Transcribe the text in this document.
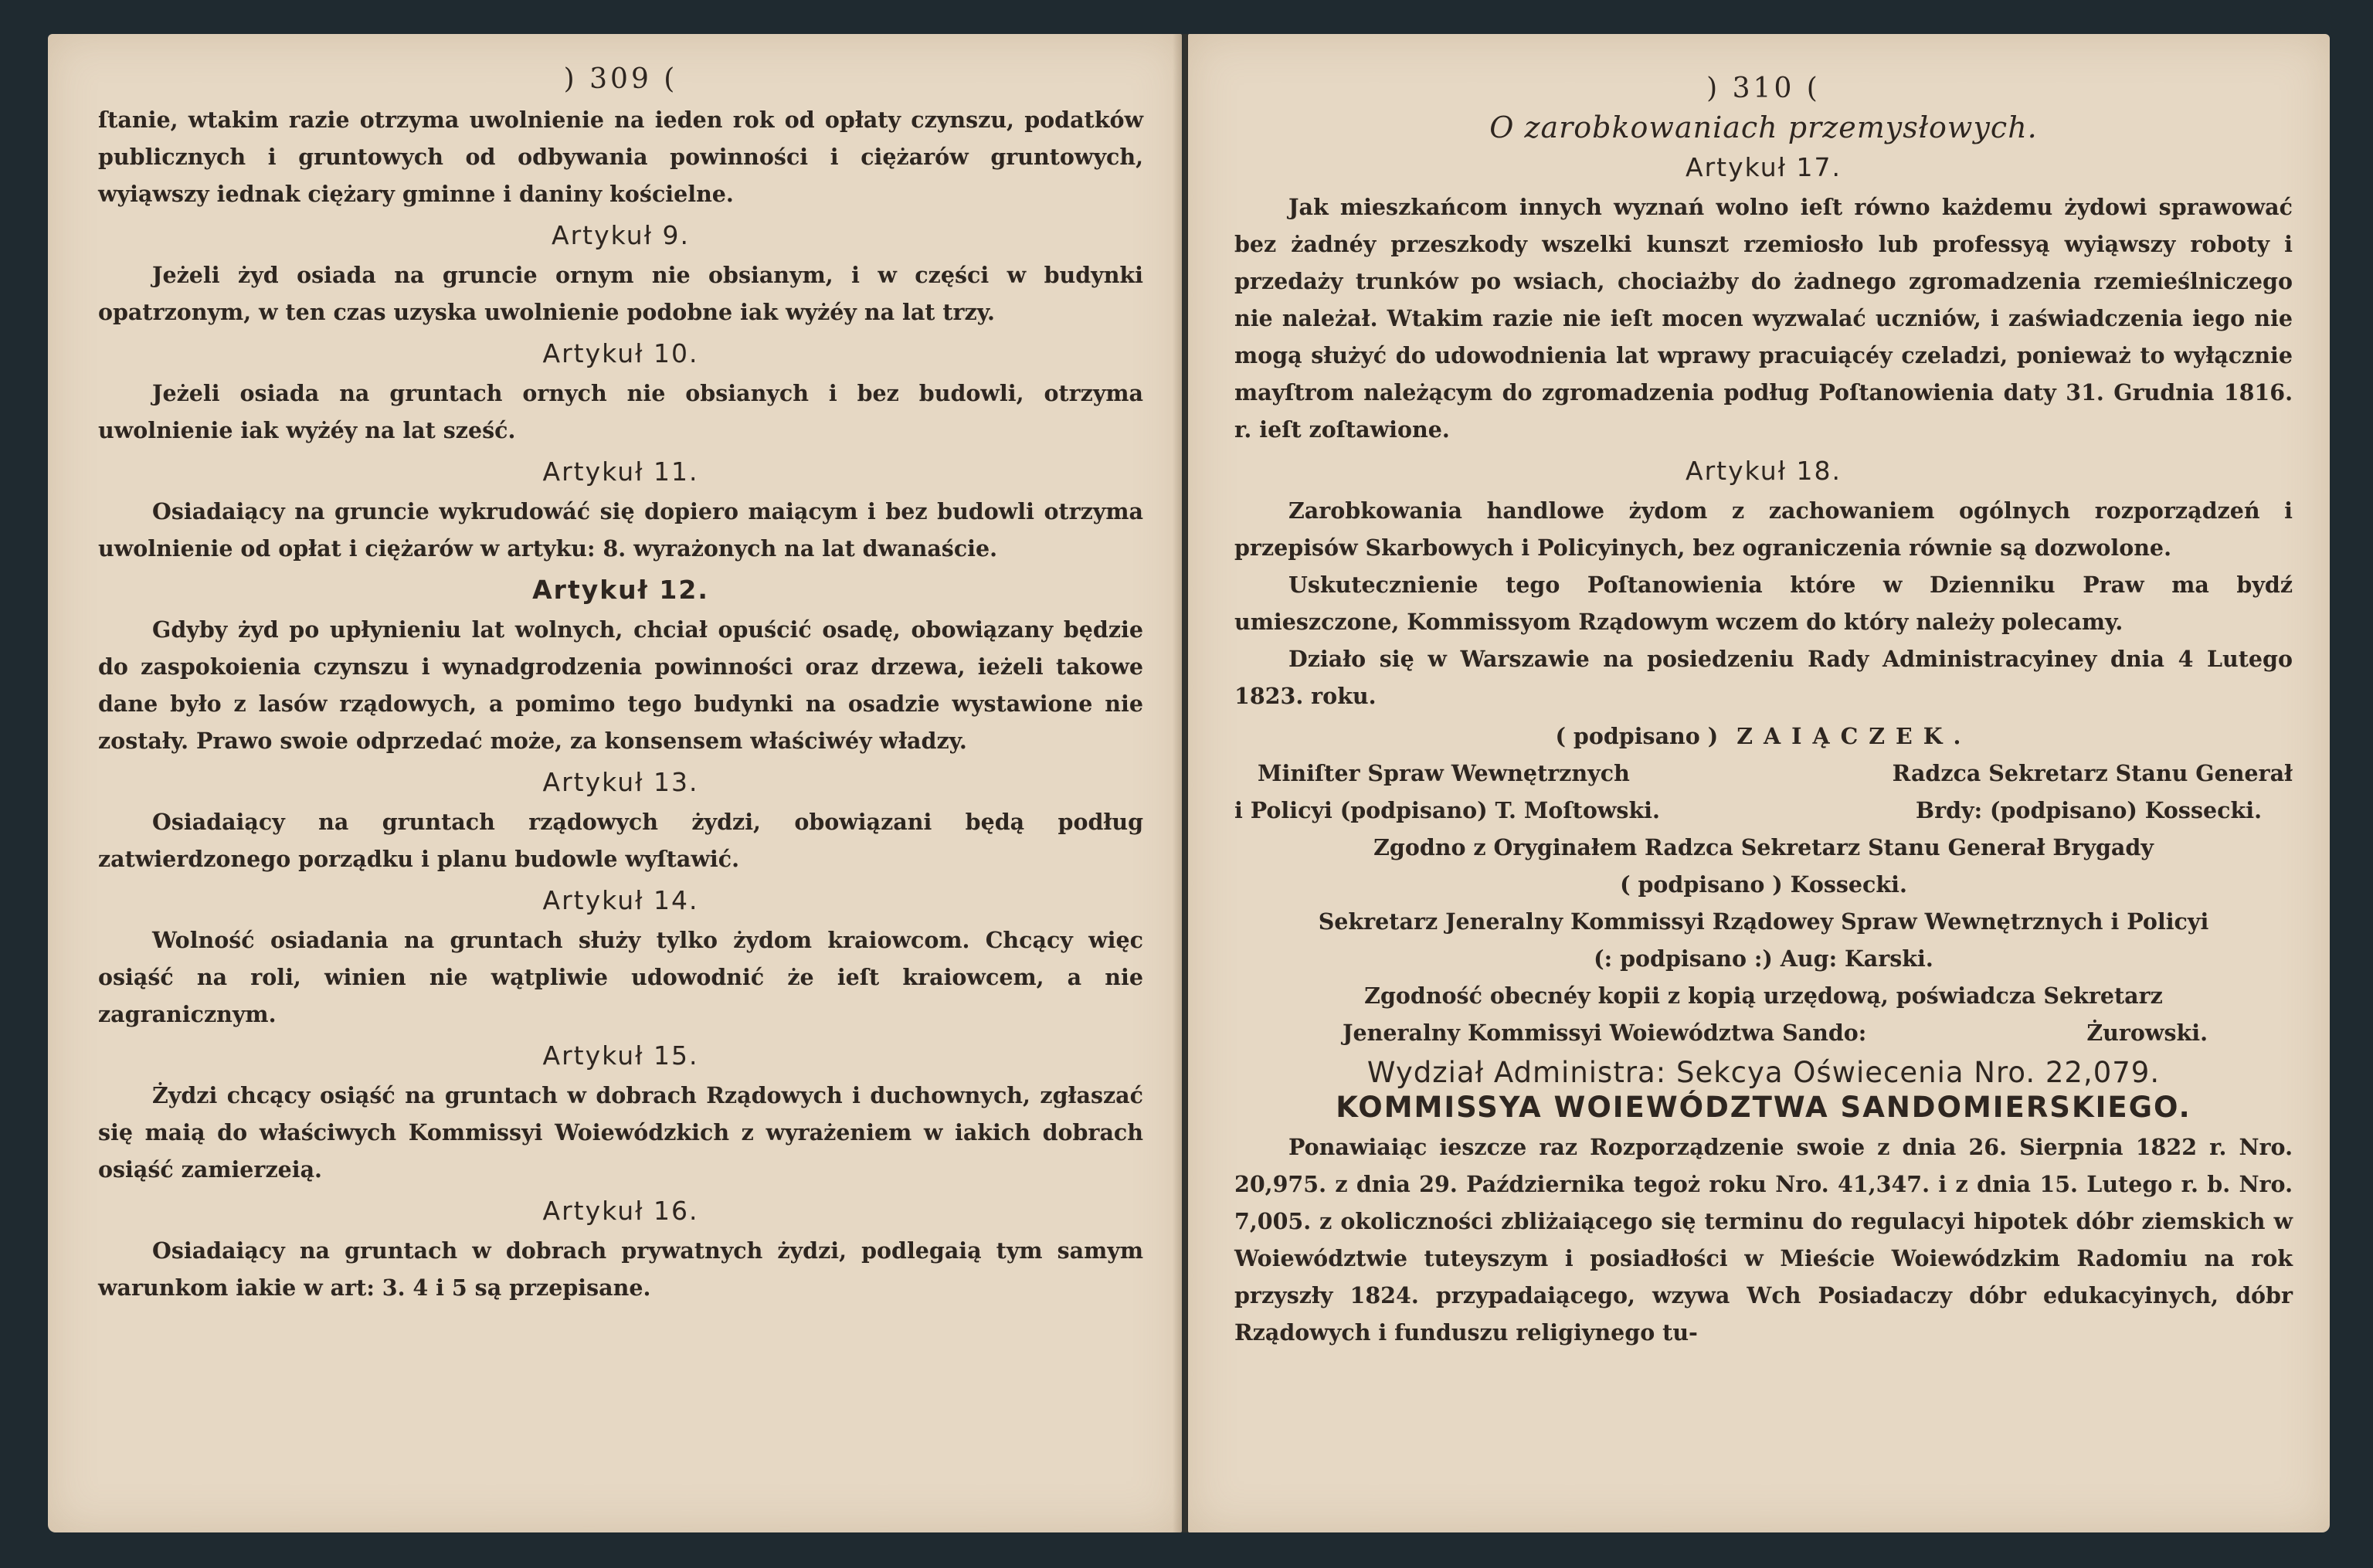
) 309 (

ſtanie, wtakim razie otrzyma uwolnienie na ieden rok od opłaty czynszu, podatków publicznych i gruntowych od odbywania powinności i ciężarów gruntowych, wyiąwszy iednak ciężary gminne i daniny kościelne.

Artykuł 9.

Jeżeli żyd osiada na gruncie ornym nie obsianym, i w części w budynki opatrzonym, w ten czas uzyska uwolnienie podobne iak wyżéy na lat trzy.

Artykuł 10.

Jeżeli osiada na gruntach ornych nie obsianych i bez budowli, otrzyma uwolnienie iak wyżéy na lat sześć.

Artykuł 11.

Osiadaiący na gruncie wykrudowáć się dopiero maiącym i bez budowli otrzyma uwolnienie od opłat i ciężarów w artyku: 8. wyrażonych na lat dwanaście.

Artykuł 12.

Gdyby żyd po upłynieniu lat wolnych, chciał opuścić osadę, obowiązany będzie do zaspokoienia czynszu i wynadgrodzenia powinności oraz drzewa, ieżeli takowe dane było z lasów rządowych, a pomimo tego budynki na osadzie wystawione nie zostały. Prawo swoie odprzedać może, za konsensem właściwéy władzy.

Artykuł 13.

Osiadaiący na gruntach rządowych żydzi, obowiązani będą podług zatwierdzonego porządku i planu budowle wyſtawić.

Artykuł 14.

Wolność osiadania na gruntach służy tylko żydom kraiowcom. Chcący więc osiąść na roli, winien nie wątpliwie udowodnić że ieſt kraiowcem, a nie zagranicznym.

Artykuł 15.

Żydzi chcący osiąść na gruntach w dobrach Rządowych i duchownych, zgłaszać się maią do właściwych Kommissyi Woiewódzkich z wyrażeniem w iakich dobrach osiąść zamierzeią.

Artykuł 16.

Osiadaiący na gruntach w dobrach prywatnych żydzi, podlegaią tym samym warunkom iakie w art: 3. 4 i 5 są przepisane.

) 310 (
O zarobkowaniach przemysłowych.
Artykuł 17.

Jak mieszkańcom innych wyznań wolno ieſt równo każdemu żydowi sprawować bez żadnéy przeszkody wszelki kunszt rzemiosło lub professyą wyiąwszy roboty i przedaży trunków po wsiach, chociażby do żadnego zgromadzenia rzemieślniczego nie należał. Wtakim razie nie ieſt mocen wyzwalać uczniów, i zaświadczenia iego nie mogą służyć do udowodnienia lat wprawy pracuiącéy czeladzi, ponieważ to wyłącznie mayſtrom należącym do zgromadzenia podług Poſtanowienia daty 31. Grudnia 1816. r. ieſt zoſtawione.

Artykuł 18.

Zarobkowania handlowe żydom z zachowaniem ogólnych rozporządzeń i przepisów Skarbowych i Policyinych, bez ograniczenia równie są dozwolone.

Uskutecznienie tego Poſtanowienia które w Dzienniku Praw ma bydź umieszczone, Kommissyom Rządowym wczem do który należy polecamy.

Działo się w Warszawie na posiedzeniu Rady Administracyiney dnia 4 Lutego 1823. roku.

( podpisano ) ZAIĄCZEK.
Miniſter Spraw Wewnętrznych	Radzca Sekretarz Stanu Generał
i Policyi (podpisano) T. Moſtowski.	Brdy: (podpisano) Kossecki.
Zgodno z Oryginałem Radzca Sekretarz Stanu Generał Brygady
( podpisano ) Kossecki.
Sekretarz Jeneralny Kommissyi Rządowey Spraw Wewnętrznych i Policyi
(: podpisano :) Aug: Karski.
Zgodność obecnéy kopii z kopią urzędową, poświadcza Sekretarz
Jeneralny Kommissyi Woiewództwa Sando:	Żurowski.
Wydział Administra: Sekcya Oświecenia Nro. 22,079.
KOMMISSYA WOIEWÓDZTWA SANDOMIERSKIEGO.

Ponawiaiąc ieszcze raz Rozporządzenie swoie z dnia 26. Sierpnia 1822 r. Nro. 20,975. z dnia 29. Października tegoż roku Nro. 41,347. i z dnia 15. Lutego r. b. Nro. 7,005. z okoliczności zbliżaiącego się terminu do regulacyi hipotek dóbr ziemskich w Woiewództwie tuteyszym i posiadłości w Mieście Woiewódzkim Radomiu na rok przyszły 1824. przypadaiącego, wzywa Wch Posiadaczy dóbr edukacyinych, dóbr Rządowych i funduszu religiynego tu-
